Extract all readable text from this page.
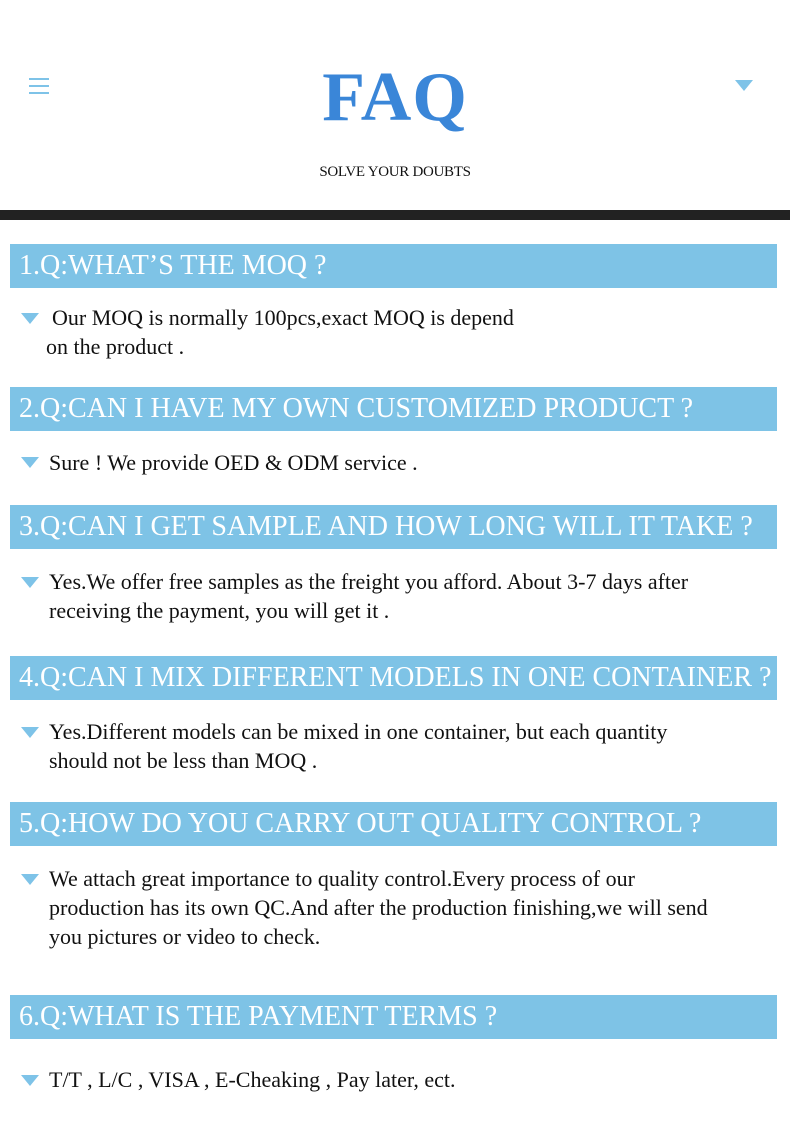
FAQ
SOLVE YOUR DOUBTS
1.Q:WHAT’S THE MOQ ?
Our MOQ is normally 100pcs,exact MOQ is depend
on the product .
2.Q:CAN I HAVE MY OWN CUSTOMIZED PRODUCT ?
Sure ! We provide OED & ODM service .
3.Q:CAN I GET SAMPLE AND HOW LONG WILL IT TAKE ?
Yes.We offer free samples as the freight you afford. About 3-7 days after
receiving the payment, you will get it .
4.Q:CAN I MIX DIFFERENT MODELS IN ONE CONTAINER ?
Yes.Different models can be mixed in one container, but each quantity
should not be less than MOQ .
5.Q:HOW DO YOU CARRY OUT QUALITY CONTROL ?
We attach great importance to quality control.Every process of our
production has its own QC.And after the production finishing,we will send
you pictures or video to check.
6.Q:WHAT IS THE PAYMENT TERMS ?
T/T , L/C , VISA , E-Cheaking , Pay later, ect.
